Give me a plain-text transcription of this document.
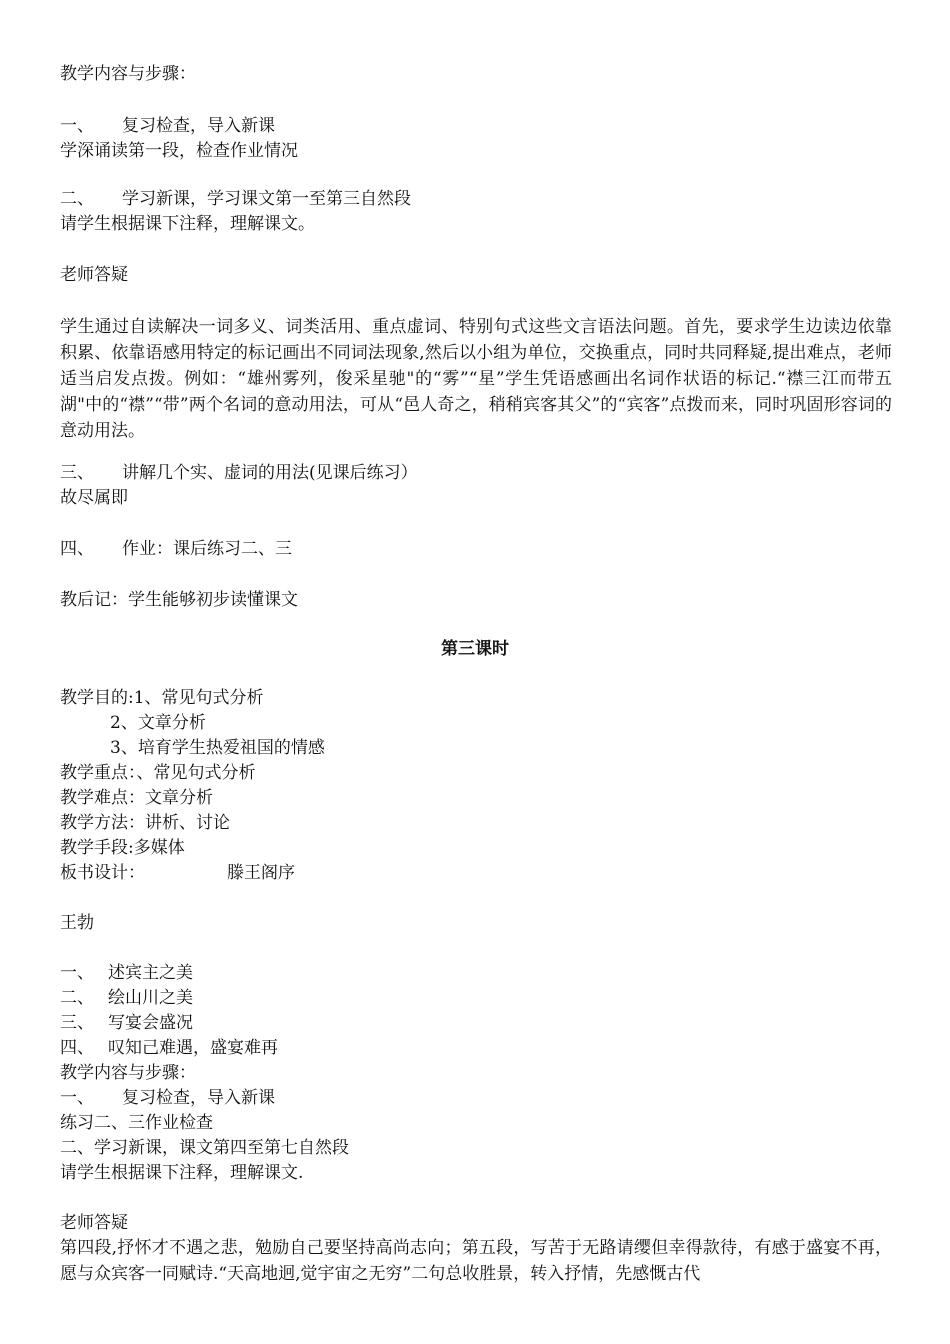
教学内容与步骤：
一、 复习检查，导入新课
学深诵读第一段，检查作业情况
二、 学习新课，学习课文第一至第三自然段
请学生根据课下注释，理解课文。
老师答疑
学生通过自读解决一词多义、词类活用、重点虚词、特别句式这些文言语法问题。首先，要求学生边读边依靠积累、依靠语感用特定的标记画出不同词法现象,然后以小组为单位，交换重点，同时共同释疑,提出难点，老师适当启发点拨。例如：“雄州雾列，俊采星驰"的“雾”“星”学生凭语感画出名词作状语的标记.“襟三江而带五湖"中的“襟”“带”两个名词的意动用法，可从“邑人奇之，稍稍宾客其父”的“宾客”点拨而来，同时巩固形容词的意动用法。
三、 讲解几个实、虚词的用法(见课后练习）
故尽属即
四、 作业：课后练习二、三
教后记：学生能够初步读懂课文
第三课时
教学目的:1、常见句式分析
2、文章分析
3、培育学生热爱祖国的情感
教学重点：、常见句式分析
教学难点：文章分析
教学方法：讲析、讨论
教学手段:多媒体
板书设计：	滕王阁序
王勃
一、 述宾主之美
二、 绘山川之美
三、 写宴会盛况
四、 叹知己难遇，盛宴难再
教学内容与步骤：
一、 复习检查，导入新课
练习二、三作业检查
二、学习新课，课文第四至第七自然段
请学生根据课下注释，理解课文.
老师答疑
第四段,抒怀才不遇之悲，勉励自己要坚持高尚志向；第五段，写苦于无路请缨但幸得款待，有感于盛宴不再，愿与众宾客一同赋诗.“天高地迥,觉宇宙之无穷”二句总收胜景，转入抒情，先感慨古代
